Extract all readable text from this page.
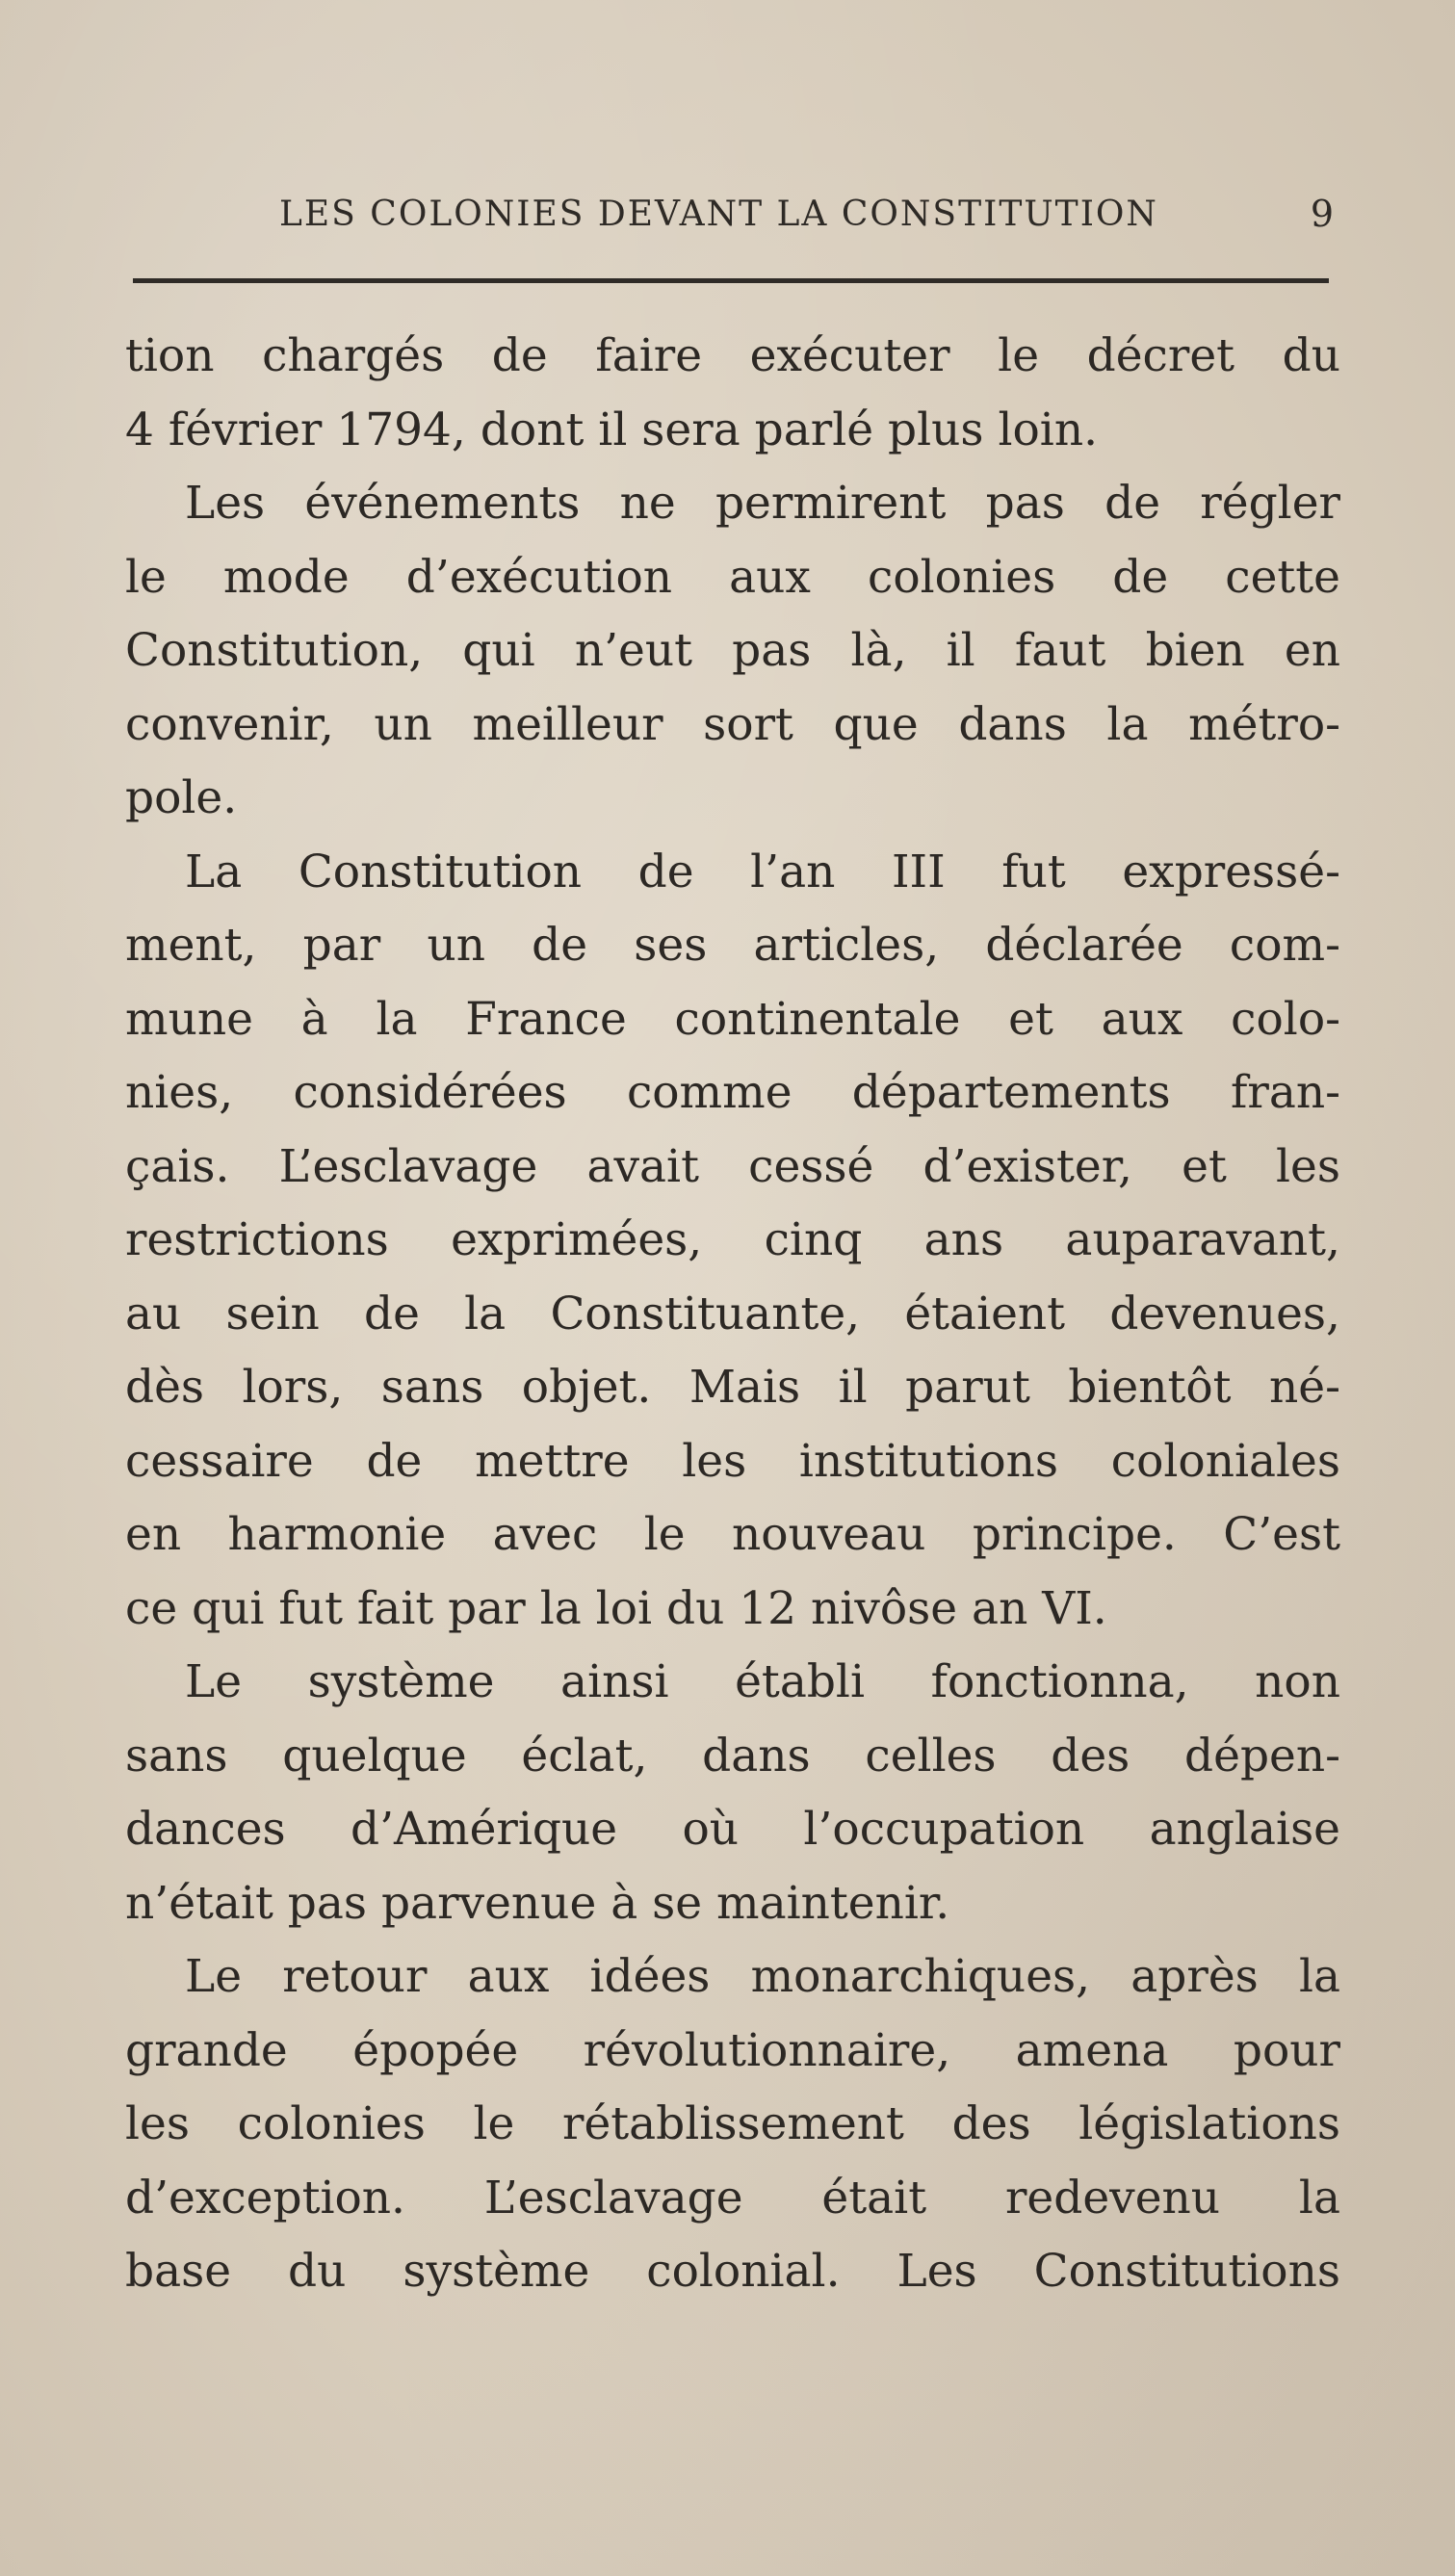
LES COLONIES DEVANT LA CONSTITUTION	9
tion chargés de faire exécuter le décret du
4 février 1794, dont il sera parlé plus loin.
Les événements ne permirent pas de régler
le mode d’exécution aux colonies de cette
Constitution, qui n’eut pas là, il faut bien en
convenir, un meilleur sort que dans la métro-
pole.
La Constitution de l’an III fut expressé-
ment, par un de ses articles, déclarée com-
mune à la France continentale et aux colo-
nies, considérées comme départements fran-
çais. L’esclavage avait cessé d’exister, et les
restrictions exprimées, cinq ans auparavant,
au sein de la Constituante, étaient devenues,
dès lors, sans objet. Mais il parut bientôt né-
cessaire de mettre les institutions coloniales
en harmonie avec le nouveau principe. C’est
ce qui fut fait par la loi du 12 nivôse an VI.
Le système ainsi établi fonctionna, non
sans quelque éclat, dans celles des dépen-
dances d’Amérique où l’occupation anglaise
n’était pas parvenue à se maintenir.
Le retour aux idées monarchiques, après la
grande épopée révolutionnaire, amena pour
les colonies le rétablissement des législations
d’exception. L’esclavage était redevenu la
base du système colonial. Les Constitutions
